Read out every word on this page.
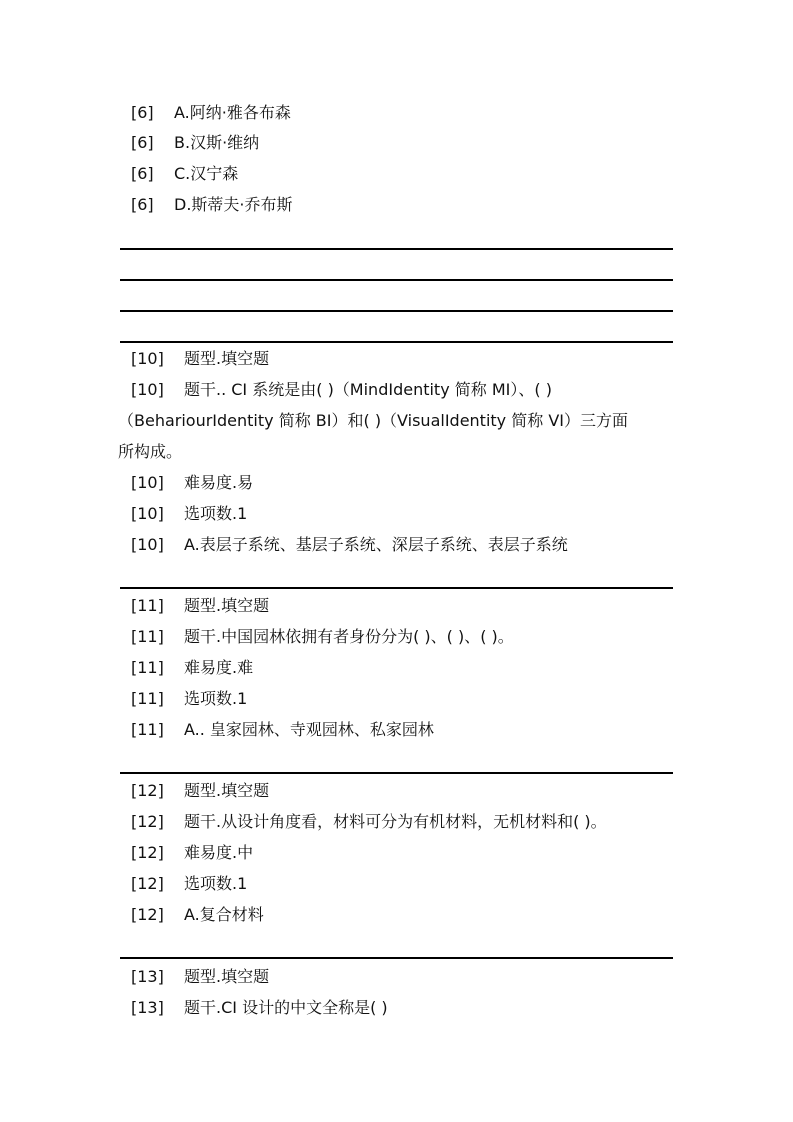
[6] A.阿纳·雅各布森
[6] B.汉斯·维纳
[6] C.汉宁森
[6] D.斯蒂夫·乔布斯
[10] 题型.填空题
[10] 题干.. CI 系统是由( )（MindIdentity 简称 MI）、( )
（BehariourIdentity 简称 BI）和( )（VisualIdentity 简称 VI）三方面
所构成。
[10] 难易度.易
[10] 选项数.1
[10] A.表层子系统、基层子系统、深层子系统、表层子系统
[11] 题型.填空题
[11] 题干.中国园林依拥有者身份分为( )、( )、( )。
[11] 难易度.难
[11] 选项数.1
[11] A.. 皇家园林、寺观园林、私家园林
[12] 题型.填空题
[12] 题干.从设计角度看，材料可分为有机材料，无机材料和( )。
[12] 难易度.中
[12] 选项数.1
[12] A.复合材料
[13] 题型.填空题
[13] 题干.CI 设计的中文全称是( )
